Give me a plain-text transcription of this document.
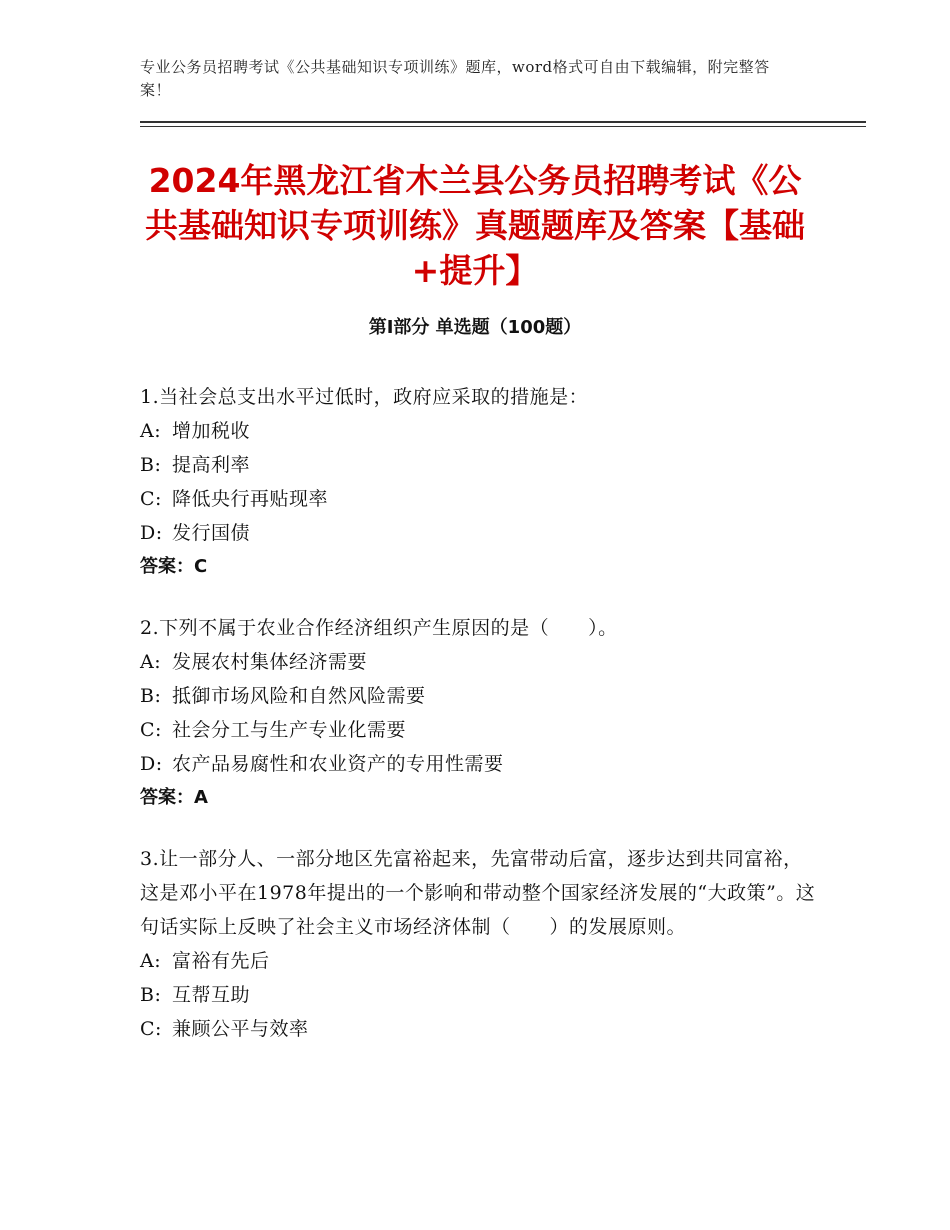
专业公务员招聘考试《公共基础知识专项训练》题库，word格式可自由下载编辑，附完整答案！
2024年黑龙江省木兰县公务员招聘考试《公共基础知识专项训练》真题题库及答案【基础+提升】
第Ⅰ部分 单选题（100题）

1.当社会总支出水平过低时，政府应采取的措施是：

A: 增加税收

B: 提高利率

C: 降低央行再贴现率

D: 发行国债

答案：C

2.下列不属于农业合作经济组织产生原因的是（　　）。

A: 发展农村集体经济需要

B: 抵御市场风险和自然风险需要

C: 社会分工与生产专业化需要

D: 农产品易腐性和农业资产的专用性需要

答案：A

3.让一部分人、一部分地区先富裕起来，先富带动后富，逐步达到共同富裕，这是邓小平在1978年提出的一个影响和带动整个国家经济发展的“大政策”。这句话实际上反映了社会主义市场经济体制（　　）的发展原则。

A: 富裕有先后

B: 互帮互助

C: 兼顾公平与效率
